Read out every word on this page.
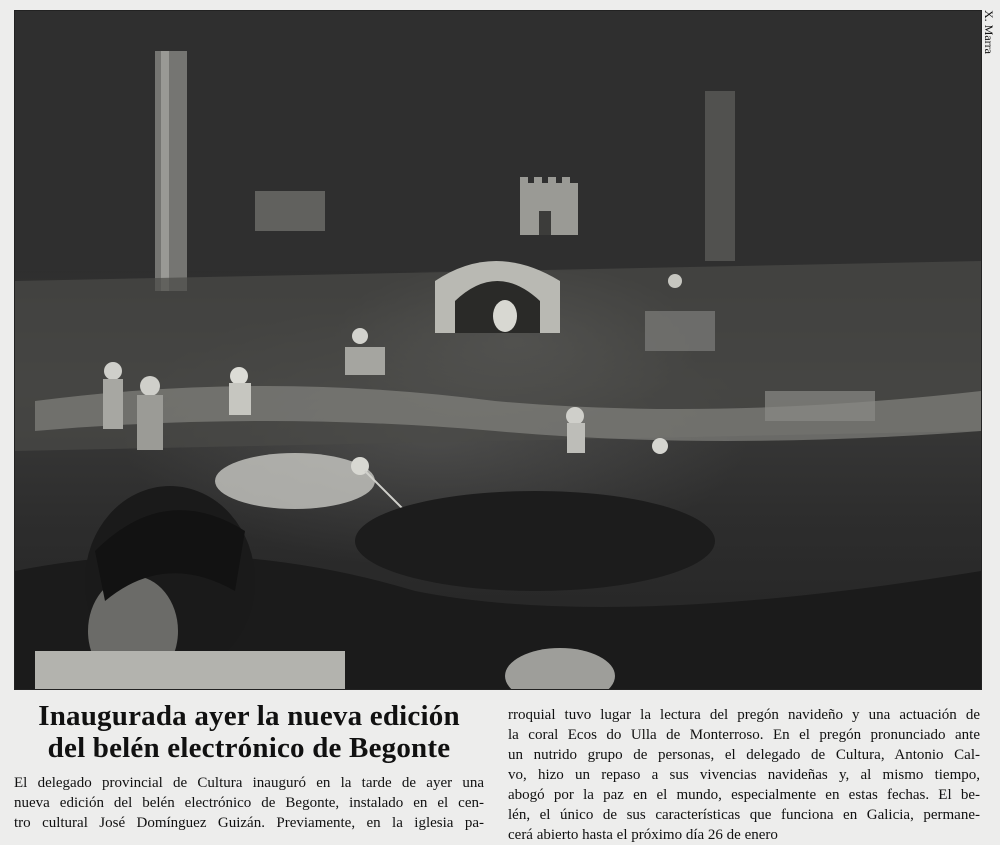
X. Marra
Inaugurada ayer la nueva edición
del belén electrónico de Begonte
El delegado provincial de Cultura inauguró en la tarde de ayer una
nueva edición del belén electrónico de Begonte, instalado en el cen-
tro cultural José Domínguez Guizán. Previamente, en la iglesia pa-
rroquial tuvo lugar la lectura del pregón navideño y una actuación de
la coral Ecos do Ulla de Monterroso. En el pregón pronunciado ante
un nutrido grupo de personas, el delegado de Cultura, Antonio Cal-
vo, hizo un repaso a sus vivencias navideñas y, al mismo tiempo,
abogó por la paz en el mundo, especialmente en estas fechas. El be-
lén, el único de sus características que funciona en Galicia, permane-
cerá abierto hasta el próximo día 26 de enero
